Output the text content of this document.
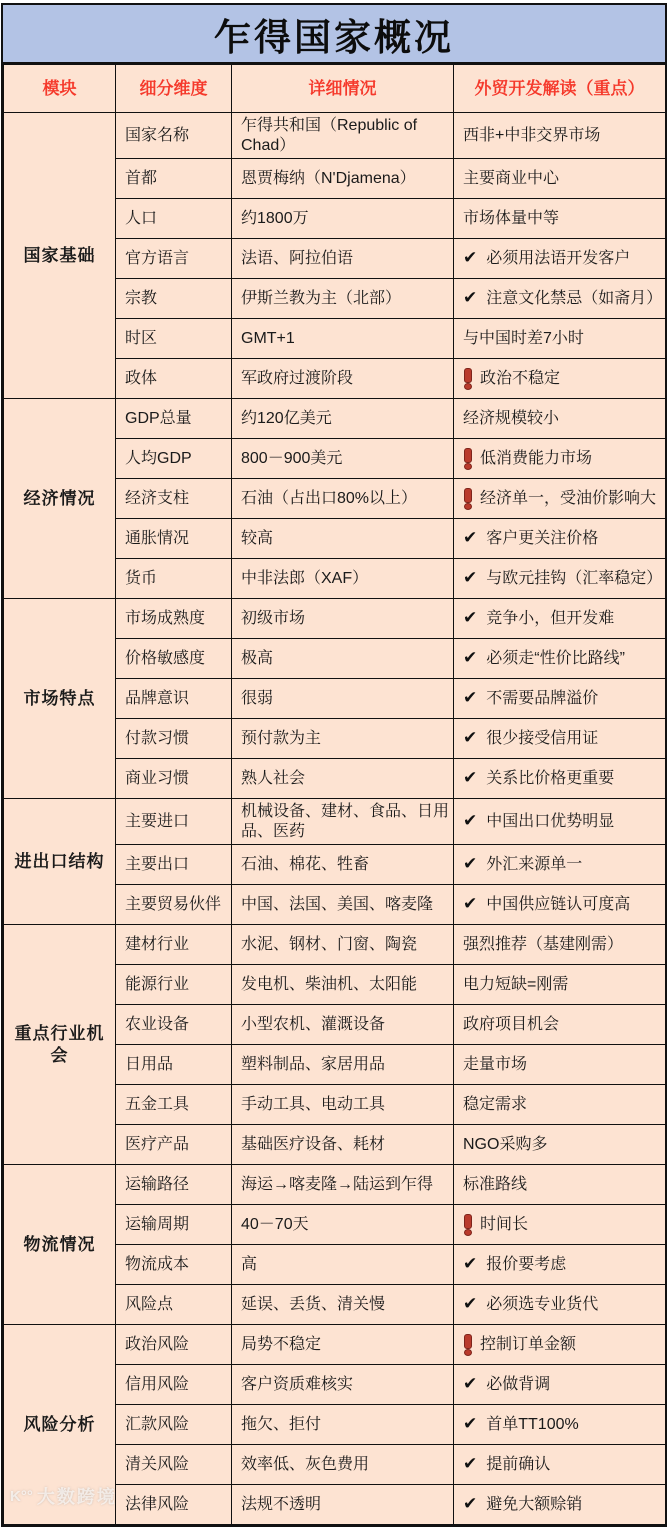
乍得国家概况
模块	细分维度	详细情况	外贸开发解读（重点）
国家基础	国家名称	乍得共和国（Republic of Chad）	西非+中非交界市场

	首都	恩贾梅纳（N'Djamena）	主要商业中心

	人口	约1800万	市场体量中等

	官方语言	法语、阿拉伯语	✔ 必须用法语开发客户

	宗教	伊斯兰教为主（北部）	✔ 注意文化禁忌（如斋月）

	时区	GMT+1	与中国时差7小时

	政体	军政府过渡阶段	政治不稳定

经济情况	GDP总量	约120亿美元	经济规模较小

	人均GDP	800－900美元	低消费能力市场

	经济支柱	石油（占出口80%以上）	经济单一，受油价影响大

	通胀情况	较高	✔ 客户更关注价格

	货币	中非法郎（XAF）	✔ 与欧元挂钩（汇率稳定）

市场特点	市场成熟度	初级市场	✔ 竞争小，但开发难

	价格敏感度	极高	✔ 必须走“性价比路线”

	品牌意识	很弱	✔ 不需要品牌溢价

	付款习惯	预付款为主	✔ 很少接受信用证

	商业习惯	熟人社会	✔ 关系比价格更重要

进出口结构	主要进口	机械设备、建材、食品、日用品、医药	✔ 中国出口优势明显

	主要出口	石油、棉花、牲畜	✔ 外汇来源单一

	主要贸易伙伴	中国、法国、美国、喀麦隆	✔ 中国供应链认可度高

重点行业机会	建材行业	水泥、钢材、门窗、陶瓷	强烈推荐（基建刚需）

	能源行业	发电机、柴油机、太阳能	电力短缺=刚需

	农业设备	小型农机、灌溉设备	政府项目机会

	日用品	塑料制品、家居用品	走量市场

	五金工具	手动工具、电动工具	稳定需求

	医疗产品	基础医疗设备、耗材	NGO采购多

物流情况	运输路径	海运→喀麦隆→陆运到乍得	标准路线

	运输周期	40－70天	时间长

	物流成本	高	✔ 报价要考虑

	风险点	延误、丢货、清关慢	✔ 必须选专业货代

风险分析	政治风险	局势不稳定	控制订单金额

	信用风险	客户资质难核实	✔ 必做背调

	汇款风险	拖欠、拒付	✔ 首单TT100%

	清关风险	效率低、灰色费用	✔ 提前确认

	法律风险	法规不透明	✔ 避免大额赊销
K°° 大数跨境
